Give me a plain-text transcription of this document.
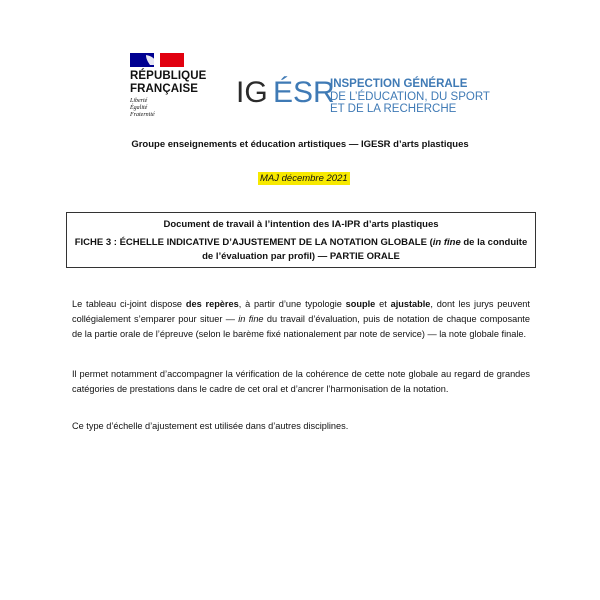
RÉPUBLIQUE
FRANÇAISE
Liberté
Égalité
Fraternité
IG ÉSR
INSPECTION GÉNÉRALE
DE L’ÉDUCATION, DU SPORT
ET DE LA RECHERCHE
Groupe enseignements et éducation artistiques — IGESR d’arts plastiques
MAJ décembre 2021
Document de travail à l’intention des IA-IPR d’arts plastiques
FICHE 3 : ÉCHELLE INDICATIVE D’AJUSTEMENT DE LA NOTATION GLOBALE (in fine de la conduite de l’évaluation par profil) — PARTIE ORALE
Le tableau ci-joint dispose des repères, à partir d’une typologie souple et ajustable, dont les jurys peuvent collégialement s’emparer pour situer — in fine du travail d’évaluation, puis de notation de chaque composante de la partie orale de l’épreuve (selon le barème fixé nationalement par note de service) — la note globale finale.
Il permet notamment d’accompagner la vérification de la cohérence de cette note globale au regard de grandes catégories de prestations dans le cadre de cet oral et d’ancrer l’harmonisation de la notation.
Ce type d’échelle d’ajustement est utilisée dans d’autres disciplines.
